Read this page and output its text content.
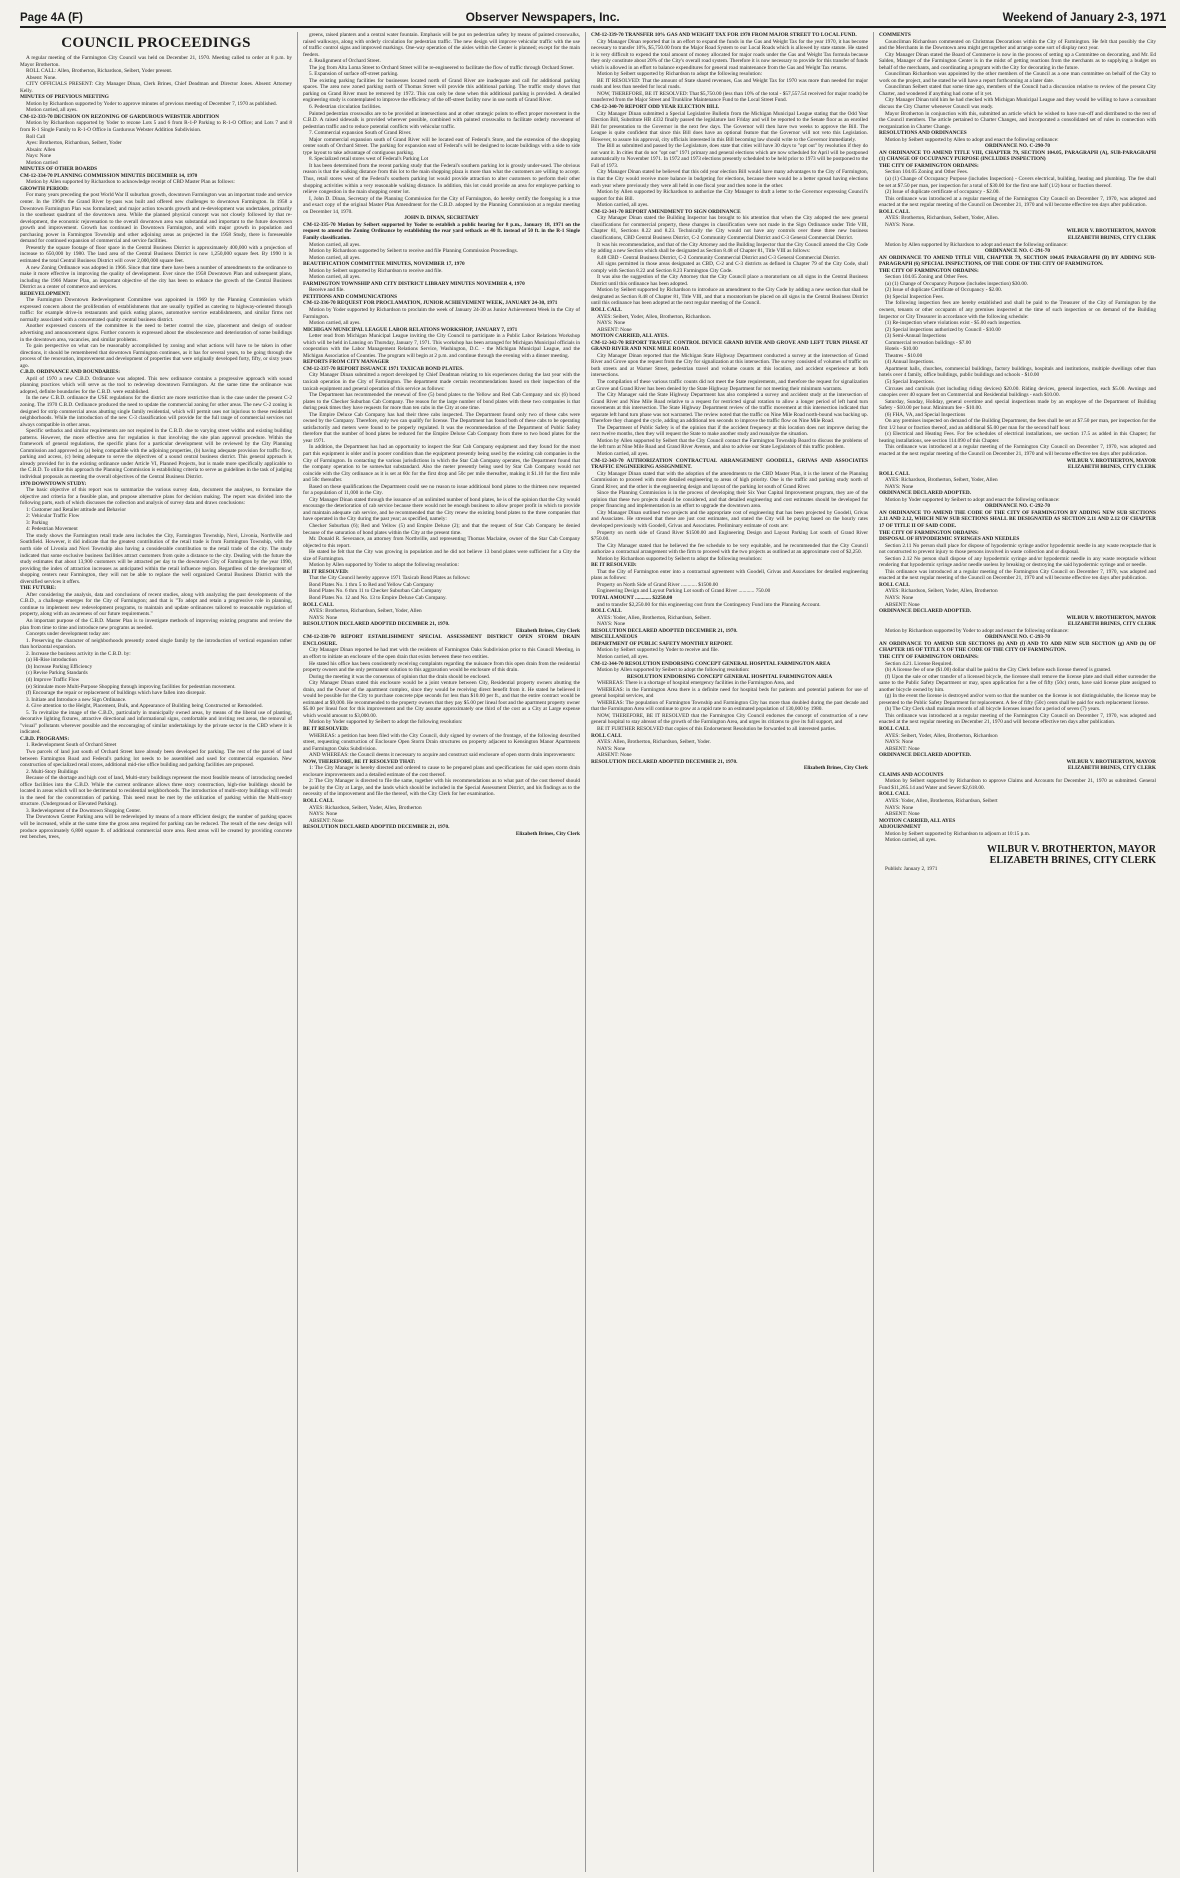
Page 4A (F)	Observer Newspapers, Inc.	Weekend of January 2-3, 1971
COUNCIL PROCEEDINGS

A regular meeting of the Farmington City Council was held on December 21, 1970. Meeting called to order at 8 p.m. by Mayor Brotherton.

ROLL CALL: Allen, Brotherton, Richardson, Seibert, Yoder present.

Absent: None.

CITY OFFICIALS PRESENT: City Manager Dinan, Clerk Brines, Chief Deadman and Director Jones. Absent: Attorney Kelly.

MINUTES OF PREVIOUS MEETING

Motion by Richardson supported by Yoder to approve minutes of previous meeting of December 7, 1970 as published.

Motion carried, all ayes.

CM-12-333-70 DECISION ON REZONING OF GARDUROUS WEBSTER ADDITION

Motion by Richardson supported by Yoder to rezone Lots 5 and 6 from R-1-P Parking to R-1-O Office; and Lots 7 and 8 from R-1 Single Family to R-1-O Office in Gardurous Webster Addition Subdivision.

Roll Call

Ayes: Brotherton, Richardson, Seibert, Yoder

Absain: Allen

Nays: None

Motion carried

MINUTES OF OTHER BOARDS

CM-12-334-70 PLANNING COMMISSION MINUTES DECEMBER 14, 1970

Motion by Allen supported by Richardson to acknowledge receipt of CBD Master Plan as follows:

GROWTH PERIOD:

For many years preceding the post World War II suburban growth, downtown Farmington was an important trade and service center. In the 1960's the Grand River by-pass was built and offered new challenges to downtown Farmington. In 1958 a Downtown Farmington Plan was formulated; and major action towards growth and re-development was undertaken, primarily in the southeast quadrant of the downtown area. While the planned physical concept was not closely followed by that re-development, the economic rejuvenation to the overall downtown area was substantial and important to the future downtown growth and improvement. Growth has continued in Downtown Farmington, and with major growth in population and purchasing power in Farmington Township and other adjoining areas as projected in the 1958 Study, there is foreseeable demand for continued expansion of commercial and service facilities.

Presently the square footage of floor space in the Central Business District is approximately 400,000 with a projection of increase to 650,000 by 1980. The land area of the Central Business District is now 1,250,000 square feet. By 1990 it is estimated the total Central Business District will cover 2,000,000 square feet.

A new Zoning Ordinance was adopted in 1966. Since that time there have been a number of amendments to the ordinance to make it more effective in improving the quality of development. Ever since the 1958 Downtown Plan and subsequent plans, including the 1966 Master Plan, an important objective of the city has been to enhance the growth of the Central Business District as a center of commerce and services.

REDEVELOPMENT:

The Farmington Downtown Redevelopment Committee was appointed in 1969 by the Planning Commission which expressed concern about the proliferation of establishments that are usually typified as catering to highway-oriented through traffic: for example drive-in restaurants and quick eating places, automotive service establishments, and similar firms not normally associated with a concentrated quality central business district.

Another expressed concern of the committee is the need to better control the size, placement and design of outdoor advertising and announcement signs. Further concern is expressed about the obsolescence and deterioration of some buildings in the downtown area, vacancies, and similar problems.

To gain perspective on what can be reasonably accomplished by zoning and what actions will have to be taken in other directions, it should be remembered that downtown Farmington continues, as it has for several years, to be going through the process of the renovation, improvement and development of properties that were originally developed forty, fifty, or sixty years ago.

C.B.D. ORDINANCE AND BOUNDARIES:

April of 1970 a new C.B.D. Ordinance was adopted. This new ordinance contains a progressive approach with sound planning practices which will serve as the tool to redevelop downtown Farmington. At the same time the ordinance was adopted, definite boundaries for the C.B.D. were established.

In the new C.B.D. ordinance the USE regulations for the district are more restrictive than is the case under the present C-2 zoning. The 1970 C.B.D. Ordinance produced the need to update the commercial zoning for other areas. The new C-2 zoning is designed for strip commercial areas abutting single family residential, which will permit uses not injurious to these residential neighborhoods. While the introduction of the new C-3 classification will provide for the full range of commercial services not always compatible in other areas.

Specific setbacks and similar requirements are not required in the C.B.D. due to varying street widths and existing building patterns. However, the more effective area for regulation is that involving the site plan approval procedure. Within the framework of general regulations, the specific plans for a particular development will be reviewed by the City Planning Commission and approved as (a) being compatible with the adjoining properties, (b) having adequate provision for traffic flow, parking and access, (c) being adequate to serve the objectives of a sound central business district. This general approach is already provided for in the existing ordinance under Article VI, Planned Projects, but is made more specifically applicable to the C.B.D. To utilize this approach the Planning Commission is establishing criteria to serve as guidelines in the task of judging individual proposals as meeting the overall objectives of the Central Business District.

1970 DOWNTOWN STUDY:

The basic objective of this report was to summarize the various survey data, document the analyses, to formulate the objective and criteria for a feasible plan, and propose alternative plans for decision making. The report was divided into the following parts, each of which discusses the collection and analysis of survey data and draws conclusions:

1: Customer and Retailer attitude and Behavior

2: Vehicular Traffic Flow

3: Parking

4: Pedestrian Movement

The study shows the Farmington retail trade area includes the City, Farmington Township, Novi, Livonia, Northville and Southfield. However, it did indicate that the greatest contribution of the retail trade is from Farmington Township, with the north side of Livonia and Novi Township also having a considerable contribution to the retail trade of the city. The study indicated that some exclusive business facilities attract customers from quite a distance to the city. Dealing with the future the study estimates that about 13,900 customers will be attracted per day to the downtown City of Farmington by the year 1990, providing the index of attraction increases as anticipated within the retail influence region. Regardless of the development of shopping centers near Farmington, they will not be able to replace the well organized Central Business District with the diversified services it offers.

THE FUTURE:

After considering the analysis, data and conclusions of recent studies, along with analyzing the past developments of the C.B.D., a challenge emerges for the City of Farmington; and that is "To adopt and retain a progressive role in planning, continue to implement new redevelopment programs, to maintain and update ordinances tailored to reasonable regulation of property, along with an awareness of our future requirements."

An important purpose of the C.B.D. Master Plan is to investigate methods of improving existing programs and review the plan from time to time and introduce new programs as needed.

Concepts under development today are:

1. Preserving the character of neighborhoods presently zoned single family by the introduction of vertical expansion rather than horizontal expansion.

2. Increase the business activity in the C.B.D. by:

(a) Hi-Rise introduction

(b) Increase Parking Efficiency

(c) Revise Parking Standards

(d) Improve Traffic Flow

(e) Stimulate more Multi-Purpose Shopping through improving facilities for pedestrian movement.

(f) Encourage the repair or replacement of buildings which have fallen into disrepair.

3. Initiate and Introduce a new Sign Ordinance.

4. Give attention to the Height, Placement, Bulk, and Appearance of Building being Constructed or Remodeled.

5. To revitalize the image of the C.B.D., particularly in municipally owned areas, by means of the liberal use of planting, decorative lighting fixtures, attractive directional and informational signs, comfortable and inviting rest areas, the removal of "visual" pollutants wherever possible and the encouraging of similar undertakings by the private sector in the CBD where it is indicated.

C.B.D. PROGRAMS:

1. Redevelopment South of Orchard Street

Two parcels of land just south of Orchard Street have already been developed for parking. The rest of the parcel of land between Farmington Road and Federal's parking lot needs to be assembled and used for commercial expansion. New construction of specialized retail stores, additional mid-rise office building and parking facilities are proposed.

2. Multi-Story Buildings

Because of the shortage and high cost of land, Multi-story buildings represent the most feasible means of introducing needed office facilities into the C.B.D. While the current ordinance allows three story construction, high-rise buildings should be located in areas which will not be detrimental to residential neighborhoods. The introduction of multi-story buildings will result in the need for the concentration of parking. This need must be met by the utilization of parking within the Multi-story structure. (Underground or Elevated Parking).

3. Redevelopment of the Downtown Shopping Center.

The Downtown Center Parking area will be redeveloped by means of a more efficient design; the number of parking spaces will be increased, while at the same time the gross area required for parking can be reduced. The result of the new design will produce approximately 6,800 square ft. of additional commercial store area. Rest areas will be created by providing concrete rest benches, trees,

greens, raised planters and a central water fountain. Emphasis will be put on pedestrian safety by means of painted crosswalks, raised walkways, along with orderly circulation for pedestrian traffic. The new design will improve vehicular traffic with the use of traffic control signs and improved markings. One-way operation of the aisles within the Center is planned; except for the main feeders.

4. Realignment of Orchard Street.

The jog from Alta Loma Street to Orchard Street will be re-engineered to facilitate the flow of traffic through Orchard Street.

5. Expansion of surface off-street parking.

The existing parking facilities for businesses located north of Grand River are inadequate and call for additional parking spaces. The area now zoned parking north of Thomas Street will provide this additional parking. The traffic study shows that parking on Grand River must be removed by 1972. This can only be done when this additional parking is provided. A detailed engineering study is contemplated to improve the efficiency of the off-street facility now in use north of Grand River.

6. Pedestrian circulation facilities.

Painted pedestrian crosswalks are to be provided at intersections and at other strategic points to effect proper movement in the C.B.D. A raised sidewalk is provided wherever possible, combined with painted crosswalks to facilitate orderly movement of pedestrian traffic and to reduce potential conflicts with vehicular traffic.

7. Commercial expansion South of Grand River.

Major commercial expansion south of Grand River will be located east of Federal's Store, and the extension of the shopping center south of Orchard Street. The parking for expansion east of Federal's will be designed to locate buildings with a side to side type layout to take advantage of contiguous parking.

8. Specialized retail stores west of Federal's Parking Lot

It has been determined from the recent parking study that the Federal's southern parking lot is grossly under-used. The obvious reason is that the walking distance from this lot to the main shopping plaza is more than what the customers are willing to accept. Thus, retail stores west of the Federal's southern parking lot would provide attraction to alter customers to perform their other shopping activities within a very reasonable walking distance. In addition, this lot could provide an area for employee parking to relieve congestion in the main shopping center lot.

I, John D. Dinan, Secretary of the Planning Commission for the City of Farmington, do hereby certify the foregoing is a true and exact copy of the original Master Plan Amendment for the C.B.D. adopted by the Planning Commission at a regular meeting on December 14, 1970.

JOHN D. DINAN, SECRETARY

CM-12-335-70 Motion by Seibert supported by Yoder to establish a public hearing for 8 p.m., January 18, 1971 on the request to amend the Zoning Ordinance by establishing the rear yard setback as 40 ft. instead of 50 ft. in the R-1 Single Family classification.

Motion carried, all ayes.

Motion by Richardson supported by Seibert to receive and file Planning Commission Proceedings.

Motion carried, all ayes.

BEAUTIFICATION COMMITTEE MINUTES, NOVEMBER 17, 1970

Motion by Seibert supported by Richardson to receive and file.

Motion carried, all ayes.

FARMINGTON TOWNSHIP AND CITY DISTRICT LIBRARY MINUTES NOVEMBER 4, 1970

Receive and file.

PETITIONS AND COMMUNICATIONS

CM-12-336-70 REQUEST FOR PROCLAMATION, JUNIOR ACHIEVEMENT WEEK, JANUARY 24-30, 1971

Motion by Yoder supported by Richardson to proclaim the week of January 24-30 as Junior Achievement Week in the City of Farmington.

Motion carried, all ayes.

MICHIGAN MUNICIPAL LEAGUE LABOR RELATIONS WORKSHOP, JANUARY 7, 1971

Letter read from Michigan Municipal League inviting the City Council to participate in a Public Labor Relations Workshop which will be held in Lansing on Thursday, January 7, 1971. This workshop has been arranged for Michigan Municipal officials in cooperation with the Labor Management Relations Service, Washington, D.C. - the Michigan Municipal League, and the Michigan Association of Counties. The program will begin at 2 p.m. and continue through the evening with a dinner meeting.

REPORTS FROM CITY MANAGER

CM-12-337-70 REPORT ISSUANCE 1971 TAXICAB BOND PLATES.

City Manager Dinan submitted a report developed by Chief Deadman relating to his experiences during the last year with the taxicab operation in the City of Farmington. The department made certain recommendations based on their inspection of the taxicab equipment and general operation of this service as follows:

The Department has recommended the renewal of five (5) bond plates to the Yellow and Red Cab Company and six (6) bond plates to the Checker Suburban Cab Company. The reason for the large number of bond plates with these two companies is that during peak times they have requests for more than ten cabs in the City at one time.

The Empire Deluxe Cab Company has had their three cabs inspected. The Department found only two of these cabs were owned by the Company. Therefore, only two can qualify for license. The Department has found both of these cabs to be operating satisfactorily and meters were found to be properly regulated. It was the recommendation of the Department of Public Safety therefore that the number of bond plates be reduced for the Empire Deluxe Cab Company from three to two bond plates for the year 1971.

In addition, the Department has had an opportunity to inspect the Star Cab Company equipment and they found for the most part this equipment is older and in poorer condition than the equipment presently being used by the existing cab companies in the City of Farmington. In contacting the various jurisdictions in which the Star Cab Company operates, the Department found that the company operation to be somewhat substandard. Also the meter presently being used by Star Cab Company would not coincide with the City ordinance as it is set at 60c for the first drop and 50c per mile thereafter, making it $1.10 for the first mile and 50c thereafter.

Based on these qualifications the Department could see no reason to issue additional bond plates to the thirteen now requested for a population of 11,000 in the City.

City Manager Dinan stated through the issuance of an unlimited number of bond plates, he is of the opinion that the City would encourage the deterioration of cab service because there would not be enough business to allow proper profit in which to provide and maintain adequate cab service, and he recommended that the City renew the existing bond plates to the three companies that have operated in the City during the past year; as specified, namely:

Checker Suburban (6); Red and Yellow (5) and Empire Deluxe (2); and that the request of Star Cab Company be denied because of the saturation of bond plates within the City at the present time.

Mr. Donald R. Severance, an attorney from Northville, and representing Thomas Maclaine, owner of the Star Cab Company objected to this report.

He stated he felt that the City was growing in population and he did not believe 13 bond plates were sufficient for a City the size of Farmington.

Motion by Allen supported by Yoder to adopt the following resolution:

BE IT RESOLVED:

That the City Council hereby approve 1971 Taxicab Bond Plates as follows:

Bond Plates No. 1 thru 5 to Red and Yellow Cab Company

Bond Plates No. 6 thru 11 to Checker Suburban Cab Company

Bond Plates No. 12 and No. 13 to Empire Deluxe Cab Company.

ROLL CALL

AYES: Brotherton, Richardson, Seibert, Yoder, Allen

NAYS: None

RESOLUTION DECLARED ADOPTED DECEMBER 21, 1970.

Elizabeth Brines, City Clerk

CM-12-338-70 REPORT ESTABLISHMENT SPECIAL ASSESSMENT DISTRICT OPEN STORM DRAIN ENCLOSURE.

City Manager Dinan reported he had met with the residents of Farmington Oaks Subdivision prior to this Council Meeting, in an effort to initiate an enclosure of the open drain that exists between these two entities.

He stated his office has been consistently receiving complaints regarding the nuisance from this open drain from the residential property owners and the only permanent solution to this aggravation would be enclosure of this drain.

During the meeting it was the consensus of opinion that the drain should be enclosed.

City Manager Dinan stated this enclosure would be a joint venture between City, Residential property owners abutting the drain, and the Owner of the apartment complex, since they would be receiving direct benefit from it. He stated he believed it would be possible for the City to purchase concrete pipe seconds for less than $10.00 per ft., and that the entire contract would be estimated at $9,000. He recommended to the property owners that they pay $5.00 per lineal foot and the apartment property owner $5.00 per lineal foot for this improvement and the City assume approximately one third of the cost as a City at Large expense which would amount to $3,000.00.

Motion by Yoder supported by Seibert to adopt the following resolution:

BE IT RESOLVED:

WHEREAS: a petition has been filed with the City Council, duly signed by owners of the frontage, of the following described street, requesting construction of Enclosure Open Storm Drain structures on property adjacent to Kensington Manor Apartments and Farmington Oaks Subdivision.

AND WHEREAS: the Council deems it necessary to acquire and construct said enclosure of open storm drain improvements:

NOW, THEREFORE, BE IT RESOLVED THAT:

1: The City Manager is hereby directed and ordered to cause to be prepared plans and specifications for said open storm drain enclosure improvements and a detailed estimate of the cost thereof.

2: The City Manager is directed to file the same, together with his recommendations as to what part of the cost thereof should be paid by the City at Large, and the lands which should be included in the Special Assessment District, and his findings as to the necessity of the improvement and file the thereof, with the City Clerk for her examination.

ROLL CALL

AYES: Richardson, Seibert, Yoder, Allen, Brotherton

NAYS: None

ABSENT: None

RESOLUTION DECLARED ADOPTED DECEMBER 21, 1970.

Elizabeth Brines, City Clerk

CM-12-339-70 TRANSFER 10% GAS AND WEIGHT TAX FOR 1970 FROM MAJOR STREET TO LOCAL FUND.

City Manager Dinan reported that in an effort to expand the funds in the Gas and Weight Tax for the year 1970, it has become necessary to transfer 10%, $5,750.00 from the Major Road System to our Local Roads which is allowed by state statute. He stated it is very difficult to expend the total amount of money allocated for major roads under the Gas and Weight Tax formula because they only constitute about 20% of the City's overall road system. Therefore it is now necessary to provide for this transfer of funds which is allowed in an effort to balance expenditures for general road maintenance from the Gas and Weight Tax returns.

Motion by Seibert supported by Richardson to adopt the following resolution:

BE IT RESOLVED: That the amount of State shared revenues, Gas and Weight Tax for 1970 was more than needed for major roads and less than needed for local roads.

NOW, THEREFORE, BE IT RESOLVED: That $5,750.00 (less than 10% of the total - $57,557.54 received for major roads) be transferred from the Major Street and Trunkline Maintenance Fund to the Local Street Fund.

CM-12-340-70 REPORT ODD YEAR ELECTION BILL

City Manager Dinan submitted a Special Legislative Bulletin from the Michigan Municipal League stating that the Odd Year Election Bill, Substitute HB 4332 finally passed the legislature last Friday and will be reported to the Senate floor as an enrolled Bill for presentation to the Governor in the next few days. The Governor will then have two weeks to approve the Bill. The League is quite confident that since this Bill does have an optional feature that the Governor will not veto this Legislation. However, to assure his approval, city officials interested in this Bill becoming law should write to the Governor immediately.

The Bill as submitted and passed by the Legislature, does state that cities will have 30 days to "opt out" by resolution if they do not want it. In cities that do not "opt out" 1971 primary and general elections which are now scheduled for April will be postponed automatically to November 1971. In 1972 and 1973 elections presently scheduled to be held prior to 1973 will be postponed to the Fall of 1973.

City Manager Dinan stated he believed that this odd year election Bill would have many advantages to the City of Farmington, in that the City would receive more balance in budgeting for elections, because there would be a better spread having elections each year where previously they were all held in one fiscal year and then none in the other.

Motion by Allen supported by Richardson to authorize the City Manager to draft a letter to the Governor expressing Council's support for this Bill.

Motion carried, all ayes.

CM-12-341-70 REPORT AMENDMENT TO SIGN ORDINANCE

City Manager Dinan stated the Building Inspector has brought to his attention that when the City adopted the new general classifications for commercial property, these changes in classification were not made in the Sign Ordinance under Title VIII, Chapter 81, Sections 8.22 and 8.23. Technically the City would not have any controls over these three new business classifications, CBD Central Business District, C-2 Community Commercial District and C-3 General Commercial District.

It was his recommendation, and that of the City Attorney and the Building Inspector that the City Council amend the City Code by adding a new Section which shall be designated as Section 8.48 of Chapter 81, Title VIII as follows:

8.48 CBD - Central Business District, C-2 Community Commercial District and C-3 General Commercial District.

All signs permitted in those areas designated as CBD, C-2 and C-3 districts as defined in Chapter 79 of the City Code, shall comply with Section 8.22 and Section 8.23 Farmington City Code.

It was also the suggestion of the City Attorney that the City Council place a moratorium on all signs in the Central Business District until this ordinance has been adopted.

Motion by Seibert supported by Richardson to introduce an amendment to the City Code by adding a new section that shall be designated as Section 8.48 of Chapter 81, Title VIII, and that a moratorium be placed on all signs in the Central Business District until this ordinance has been adopted at the next regular meeting of the Council.

ROLL CALL

AYES: Seibert, Yoder, Allen, Brotherton, Richardson.

NAYS: None

ABSENT: None

MOTION CARRIED, ALL AYES.

CM-12-342-70 REPORT TRAFFIC CONTROL DEVICE GRAND RIVER AND GROVE AND LEFT TURN PHASE AT GRAND RIVER AND NINE MILE ROAD.

City Manager Dinan reported that the Michigan State Highway Department conducted a survey at the intersection of Grand River and Grove upon the request from the City for signalization at this intersection. The survey consisted of volumes of traffic on both streets and at Warner Street, pedestrian travel and volume counts at this location, and accident experience at both intersections.

The compilation of these various traffic counts did not meet the State requirements, and therefore the request for signalization at Grove and Grand River has been denied by the State Highway Department for not meeting their minimum warrants.

The City Manager said the State Highway Department has also completed a survey and accident study at the intersection of Grand River and Nine Mile Road relative to a request for restricted signal rotation to allow a longer period of left hand turn movements at this intersection. The State Highway Department review of the traffic movement at this intersection indicated that separate left hand turn phase was not warranted. The review noted that the traffic on Nine Mile Road north-bound was backing up. Therefore they changed the cycle, adding an additional ten seconds to improve the traffic flow on Nine Mile Road.

The Department of Public Safety is of the opinion that if the accident frequency at this location does not improve during the next twelve months, then they will request the State to make another study and reanalyze the situation.

Motion by Allen supported by Seibert that the City Council contact the Farmington Township Board to discuss the problems of the left turn at Nine Mile Road and Grand River Avenue, and also to advise our State Legislators of this traffic problem.

Motion carried, all ayes.

CM-12-343-70 AUTHORIZATION CONTRACTUAL ARRANGEMENT GOODELL, GRIVAS AND ASSOCIATES TRAFFIC ENGINEERING ASSIGNMENT.

City Manager Dinan stated that with the adoption of the amendments to the CBD Master Plan, it is the intent of the Planning Commission to proceed with more detailed engineering to areas of high priority. One is the traffic and parking study north of Grand River, and the other is the engineering design and layout of the parking lot south of Grand River.

Since the Planning Commission is in the process of developing their Six Year Capital Improvement program, they are of the opinion that these two projects should be considered, and that detailed engineering and cost estimates should be developed for proper financing and implementation in an effort to upgrade the downtown area.

City Manager Dinan outlined two projects and the appropriate cost of engineering that has been projected by Goodell, Grivas and Associates. He stressed that these are just cost estimates, and stated the City will be paying based on the hourly rates developed previously with Goodell, Grivas and Associates. Preliminary estimate of costs are:

Property on north side of Grand River $1500.00 and Engineering Design and Layout Parking Lot south of Grand River $750.00.

The City Manager stated that he believed the fee schedule to be very equitable, and he recommended that the City Council authorize a contractual arrangement with the firm to proceed with the two projects as outlined at an approximate cost of $2,250.

Motion by Richardson supported by Seibert to adopt the following resolution:

BE IT RESOLVED:

That the City of Farmington enter into a contractual agreement with Goodell, Grivas and Associates for detailed engineering plans as follows:

Property on North Side of Grand River ............ $1500.00

Engineering Design and Layout Parking Lot south of Grand River ............ 750.00

TOTAL AMOUNT ............ $2250.00

and to transfer $2,250.00 for this engineering cost from the Contingency Fund into the Planning Account.

ROLL CALL

AYES: Yoder, Allen, Brotherton, Richardson, Seibert.

NAYS: None

RESOLUTION DECLARED ADOPTED DECEMBER 21, 1970.

MISCELLANEOUS

DEPARTMENT OF PUBLIC SAFETY MONTHLY REPORT.

Motion by Seibert supported by Yoder to receive and file.

Motion carried, all ayes.

CM-12-344-70 RESOLUTION ENDORSING CONCEPT GENERAL HOSPITAL FARMINGTON AREA

Motion by Allen supported by Seibert to adopt the following resolution:

RESOLUTION ENDORSING CONCEPT GENERAL HOSPITAL FARMINGTON AREA

WHEREAS: There is a shortage of hospital emergency facilities in the Farmington Area, and

WHEREAS: in the Farmington Area there is a definite need for hospital beds for patients and potential patients for use of general hospital services, and

WHEREAS: The population of Farmington Township and Farmington City has more than doubled during the past decade and that the Farmington Area will continue to grow at a rapid rate to an estimated population of 130,000 by 1980.

NOW, THEREFORE, BE IT RESOLVED that the Farmington City Council endorses the concept of construction of a new general hospital to stay abreast of the growth of the Farmington Area, and urges its citizens to give its full support, and

BE IT FURTHER RESOLVED that copies of this Endorsement Resolution be forwarded to all interested parties.

ROLL CALL

AYES: Allen, Brotherton, Richardson, Seibert, Yoder.

NAYS: None

ABSENT: None

RESOLUTION DECLARED ADOPTED DECEMBER 21, 1970.

Elizabeth Brines, City Clerk

COMMENTS

Councilman Richardson commented on Christmas Decorations within the City of Farmington. He felt that possibly the City and the Merchants in the Downtown area might get together and arrange some sort of display next year.

City Manager Dinan stated the Board of Commerce is now in the process of setting up a Committee on decorating, and Mr. Ed Salden, Manager of the Farmington Center is in the midst of getting reactions from the merchants as to supplying a budget on behalf of the merchants, and coordinating a program with the City for decorating in the future.

Councilman Richardson was appointed by the other members of the Council as a one man committee on behalf of the City to work on the project, and he stated he will have a report forthcoming at a later date.

Councilman Seibert stated that some time ago, members of the Council had a discussion relative to review of the present City Charter, and wondered if anything had come of it yet.

City Manager Dinan told him he had checked with Michigan Municipal League and they would be willing to have a consultant discuss the City Charter whenever Council was ready.

Mayor Brotherton in conjunction with this, submitted an article which he wished to have run-off and distributed to the rest of the Council members. The article pertained to Charter Changes, and incorporated a consolidated set of rules in connection with reorganization in Charter Change.

RESOLUTIONS AND ORDINANCES

Motion by Seibert supported by Allen to adopt and enact the following ordinance:

ORDINANCE NO. C-290-70

AN ORDINANCE TO AMEND TITLE VIII, CHAPTER 79, SECTION 104.05, PARAGRAPH (A), SUB-PARAGRAPH (1) CHANGE OF OCCUPANCY PURPOSE (INCLUDES INSPECTION)

THE CITY OF FARMINGTON ORDAINS:

Section 104.05 Zoning and Other Fees.

(a) (1) Change of Occupancy Purpose (includes Inspection) - Covers electrical, building, heating and plumbing. The fee shall be set at $7.50 per man, per inspection for a total of $30.00 for the first one half (1/2) hour or fraction thereof.

(2) Issue of duplicate certificate of occupancy - $2.00.

This ordinance was introduced at a regular meeting of the Farmington City Council on December 7, 1970, was adopted and enacted at the next regular meeting of the Council on December 21, 1970 and will become effective ten days after publication.

ROLL CALL

AYES: Brotherton, Richardson, Seibert, Yoder, Allen.

NAYS: None.

WILBUR V. BROTHERTON, MAYOR

ELIZABETH BRINES, CITY CLERK

Motion by Allen supported by Richardson to adopt and enact the following ordinance:

ORDINANCE NO. C-291-70

AN ORDINANCE TO AMEND TITLE VIII, CHAPTER 79, SECTION 104.05 PARAGRAPH (B) BY ADDING SUB-PARAGRAPH (6) SPECIAL INSPECTIONS, OF THE CODE OF THE CITY OF FARMINGTON.

THE CITY OF FARMINGTON ORDAINS:

Section 104.05 Zoning and Other Fees.

(a) (1) Change of Occupancy Purpose (includes inspection) $30.00.

(2) Issue of duplicate Certificate of Occupancy - $2.00.

(b) Special Inspection Fees.

The following inspection fees are hereby established and shall be paid to the Treasurer of the City of Farmington by the owners, tenants or other occupants of any premises inspected at the time of such inspection or on demand of the Building Inspector or City Treasurer in accordance with the following schedule:

(1) Re-inspection where violations exist - $5.00 each inspection.

(2) Special inspections authorized by Council - $10.00

(3) Semi-Annual Inspections

Commercial recreation buildings - $7.00

Hotels - $10.00

Theatres - $10.00

(4) Annual Inspections.

Apartment halls, churches, commercial buildings, factory buildings, hospitals and institutions, multiple dwellings other than hotels over 4 family, office buildings, public buildings and schools - $10.00

(5) Special Inspections.

Circuses and carnivals (not including riding devices) $20.00. Riding devices, general inspection, each $5.00. Awnings and canopies over 40 square feet on Commercial and Residential buildings - each $10.00.

Saturday, Sunday, Holiday, general overtime and special inspections made by an employee of the Department of Building Safety - $10.00 per hour. Minimum fee - $10.00.

(6) FHA, VA, and Special Inspections

On any premises inspected on demand of the Building Department, the fees shall be set at $7.50 per man, per inspection for the first 1/2 hour or fraction thereof, and an additional $5.00 per man for the second half hour.

(c) Electrical and Heating Fees. For fee schedules of electrical installations, see section 17.5 as added in this Chapter; for heating installations, see section 114.090 of this Chapter.

This ordinance was introduced at a regular meeting of the Farmington City Council on December 7, 1970, was adopted and enacted at the next regular meeting of the Council on December 21, 1970 and will become effective ten days after publication.

WILBUR V. BROTHERTON, MAYOR

ELIZABETH BRINES, CITY CLERK

ROLL CALL

AYES: Richardson, Brotherton, Seibert, Yoder, Allen

NAYS: None

ORDINANCE DECLARED ADOPTED.

Motion by Yoder supported by Seibert to adopt and enact the following ordinance:

ORDINANCE NO. C-292-70

AN ORDINANCE TO AMEND THE CODE OF THE CITY OF FARMINGTON BY ADDING NEW SUB SECTIONS 2.11 AND 2.12, WHICH NEW SUB SECTIONS SHALL BE DESIGNATED AS SECTION 2.11 AND 2.12 OF CHAPTER 17 OF TITLE II OF SAID CODE.

THE CITY OF FARMINGTON ORDAINS:

DISPOSAL OF HYPODERMIC SYRINGES AND NEEDLES

Section 2.11 No person shall place for dispose of hypodermic syringe and/or hypodermic needle in any waste receptacle that is not constructed to prevent injury to those persons involved in waste collection and or disposal.

Section 2.12 No person shall dispose of any hypodermic syringe and/or hypodermic needle in any waste receptacle without rendering that hypodermic syringe and/or needle useless by breaking or destroying the said hypodermic syringe and or needle.

This ordinance was introduced at a regular meeting of the Farmington City Council on December 7, 1970, was adopted and enacted at the next regular meeting of the Council on December 21, 1970 and will become effective ten days after publication.

ROLL CALL

AYES: Richardson, Seibert, Yoder, Allen, Brotherton

NAYS: None

ABSENT: None

ORDINANCE DECLARED ADOPTED.

WILBUR V. BROTHERTON, MAYOR

ELIZABETH BRINES, CITY CLERK

Motion by Richardson supported by Yoder to adopt and enact the following ordinance:

ORDINANCE NO. C-293-70

AN ORDINANCE TO AMEND SUB SECTIONS (b) AND (f) AND TO ADD NEW SUB SECTION (g) AND (h) OF CHAPTER 185 OF TITLE X OF THE CODE OF THE CITY OF FARMINGTON.

THE CITY OF FARMINGTON ORDAINS:

Section 4.21. License Required.

(b) A license fee of one ($1.00) dollar shall be paid to the City Clerk before each license thereof is granted.

(f) Upon the sale or other transfer of a licensed bicycle, the licensee shall remove the license plate and shall either surrender the same to the Public Safety Department or may, upon application for a fee of fifty (50c) cents, have said license plate assigned to another bicycle owned by him.

(g) In the event the license is destroyed and/or worn so that the number on the license is not distinguishable, the license may be presented to the Public Safety Department for replacement. A fee of fifty (50c) cents shall be paid for each replacement license.

(h) The City Clerk shall maintain records of all bicycle licenses issued for a period of seven (7) years.

This ordinance was introduced at a regular meeting of the Farmington City Council on December 7, 1970, was adopted and enacted at the next regular meeting on December 21, 1970 and will become effective ten days after publication.

ROLL CALL

AYES: Seibert, Yoder, Allen, Brotherton, Richardson

NAYS: None

ABSENT: None

ORDINANCE DECLARED ADOPTED.

WILBUR V. BROTHERTON, MAYOR

ELIZABETH BRINES, CITY CLERK

CLAIMS AND ACCOUNTS

Motion by Seibert supported by Richardson to approve Claims and Accounts for December 21, 1970 as submitted. General Fund $11,265.14 and Water and Sewer $2,618.00.

ROLL CALL

AYES: Yoder, Allen, Brotherton, Richardson, Seibert

NAYS: None

ABSENT: None

MOTION CARRIED, ALL AYES

ADJOURNMENT

Motion by Seibert supported by Richardson to adjourn at 10:15 p.m.

Motion carried, all ayes.

WILBUR V. BROTHERTON, MAYOR

ELIZABETH BRINES, CITY CLERK

Publish: January 2, 1971
